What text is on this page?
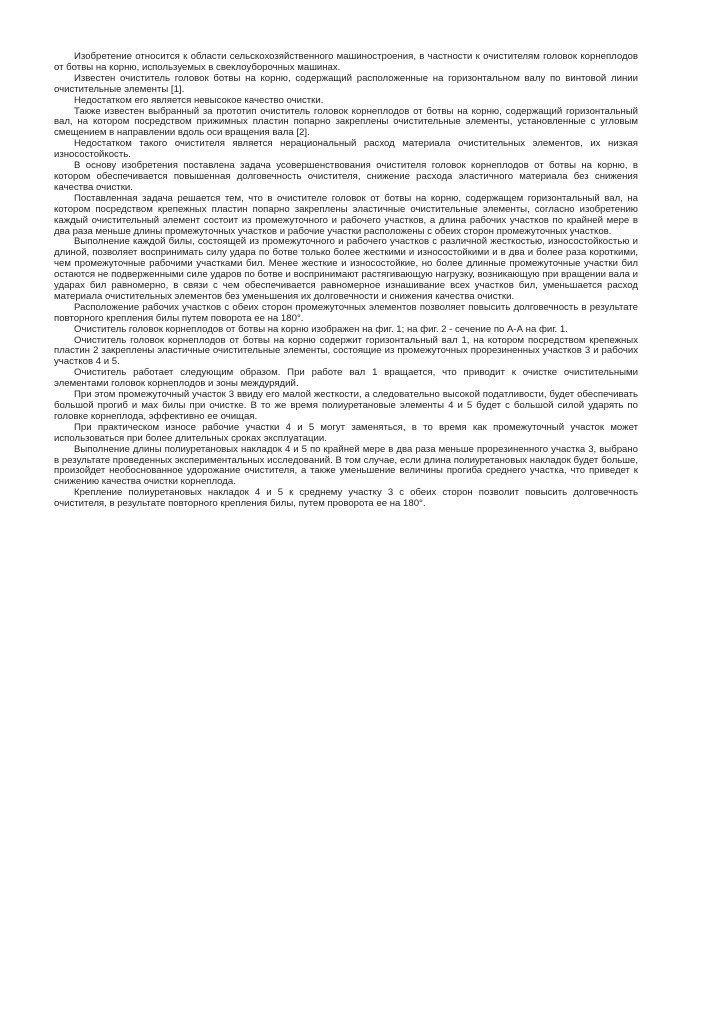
Изобретение относится к области сельскохозяйственного машиностроения, в частности к очистителям головок корнеплодов от ботвы на корню, используемых в свеклоуборочных машинах.

Известен очиститель головок ботвы на корню, содержащий расположенные на горизонтальном валу по винтовой линии очистительные элементы [1].

Недостатком его является невысокое качество очистки.

Также известен выбранный за прототип очиститель головок корнеплодов от ботвы на корню, содержащий горизонтальный вал, на котором посредством прижимных пластин попарно закреплены очистительные элементы, установленные с угловым смещением в направлении вдоль оси вращения вала [2].

Недостатком такого очистителя является нерациональный расход материала очистительных элементов, их низкая износостойкость.

В основу изобретения поставлена задача усовершенствования очистителя головок корнеплодов от ботвы на корню, в котором обеспечивается повышенная долговечность очистителя, снижение расхода эластичного материала без снижения качества очистки.

Поставленная задача решается тем, что в очистителе головок от ботвы на корню, содержащем горизонтальный вал, на котором посредством крепежных пластин попарно закреплены эластичные очистительные элементы, согласно изобретению каждый очистительный элемент состоит из промежуточного и рабочего участков, а длина рабочих участков по крайней мере в два раза меньше длины промежуточных участков и рабочие участки расположены с обеих сторон промежуточных участков.

Выполнение каждой билы, состоящей из промежуточного и рабочего участков с различной жесткостью, износостойкостью и длиной, позволяет воспринимать силу удара по ботве только более жесткими и износостойкими и в два и более раза короткими, чем промежуточные рабочими участками бил. Менее жесткие и износостойкие, но более длинные промежуточные участки бил остаются не подверженными силе ударов по ботве и воспринимают растягивающую нагрузку, возникающую при вращении вала и ударах бил равномерно, в связи с чем обеспечивается равномерное изнашивание всех участков бил, уменьшается расход материала очистительных элементов без уменьшения их долговечности и снижения качества очистки.

Расположение рабочих участков с обеих сторон промежуточных элементов позволяет повысить долговечность в результате повторного крепления билы путем поворота ее на 180°.

Очиститель головок корнеплодов от ботвы на корню изображен на фиг. 1; на фиг. 2 - сечение по А-А на фиг. 1.

Очиститель головок корнеплодов от ботвы на корню содержит горизонтальный вал 1, на котором посредством крепежных пластин 2 закреплены эластичные очистительные элементы, состоящие из промежуточных прорезиненных участков 3 и рабочих участков 4 и 5.

Очиститель работает следующим образом. При работе вал 1 вращается, что приводит к очистке очистительными элементами головок корнеплодов и зоны междурядий.

При этом промежуточный участок 3 ввиду его малой жесткости, а следовательно высокой податливости, будет обеспечивать большой прогиб и мах билы при очистке. В то же время полиуретановые элементы 4 и 5 будет с большой силой ударять по головке корнеплода, эффективно ее очищая.

При практическом износе рабочие участки 4 и 5 могут заменяться, в то время как промежуточный участок может использоваться при более длительных сроках эксплуатации.

Выполнение длины полиуретановых накладок 4 и 5 по крайней мере в два раза меньше прорезиненного участка 3, выбрано в результате проведенных экспериментальных исследований. В том случае, если длина полиуретановых накладок будет больше, произойдет необоснованное удорожание очистителя, а также уменьшение величины прогиба среднего участка, что приведет к снижению качества очистки корнеплода.

Крепление полиуретановых накладок 4 и 5 к среднему участку 3 с обеих сторон позволит повысить долговечность очистителя, в результате повторного крепления билы, путем проворота ее на 180°.
